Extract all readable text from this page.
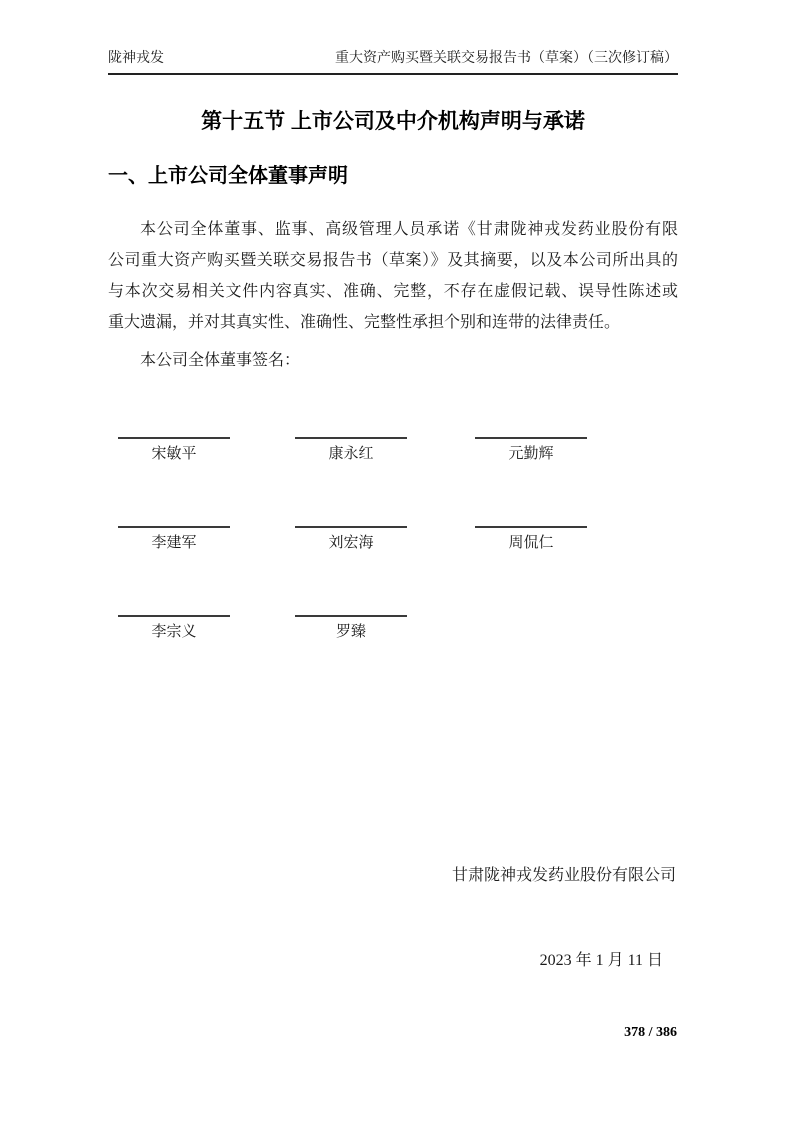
陇神戎发	重大资产购买暨关联交易报告书（草案）（三次修订稿）
第十五节 上市公司及中介机构声明与承诺
一、上市公司全体董事声明
本公司全体董事、监事、高级管理人员承诺《甘肃陇神戎发药业股份有限
公司重大资产购买暨关联交易报告书（草案）》及其摘要，以及本公司所出具的
与本次交易相关文件内容真实、准确、完整，不存在虚假记载、误导性陈述或
重大遗漏，并对其真实性、准确性、完整性承担个别和连带的法律责任。
本公司全体董事签名：
宋敏平	康永红	元勤辉
李建军	刘宏海	周侃仁
李宗义	罗臻
甘肃陇神戎发药业股份有限公司
2023 年 1 月 11 日
378 / 386
